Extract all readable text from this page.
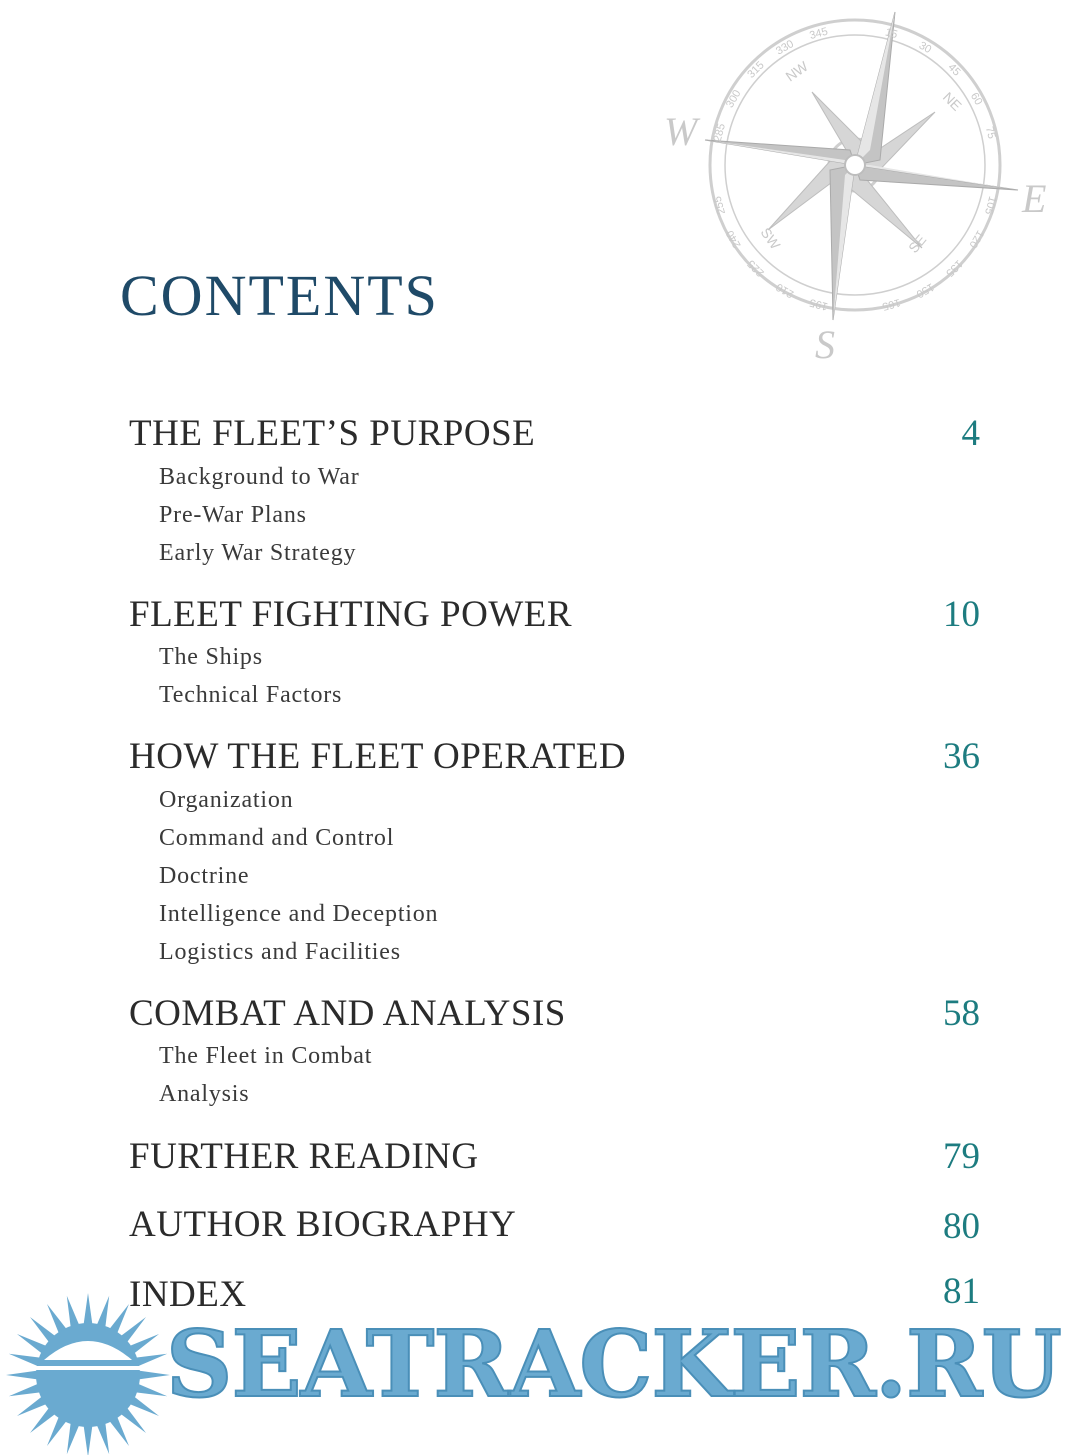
W
E
S
NW
NE
SW	SE
345
330
315
300
285
255
240
225
210
195	165
150
135
120
105
75
60
45
30
15
CONTENTS
THE FLEET’S PURPOSE	4
Background to War
Pre-War Plans
Early War Strategy
FLEET FIGHTING POWER	10
The Ships
Technical Factors
HOW THE FLEET OPERATED	36
Organization
Command and Control
Doctrine
Intelligence and Deception
Logistics and Facilities
COMBAT AND ANALYSIS	58
The Fleet in Combat
Analysis
FURTHER READING	79
AUTHOR BIOGRAPHY	80
INDEX	81
SEATRACKER.RU
